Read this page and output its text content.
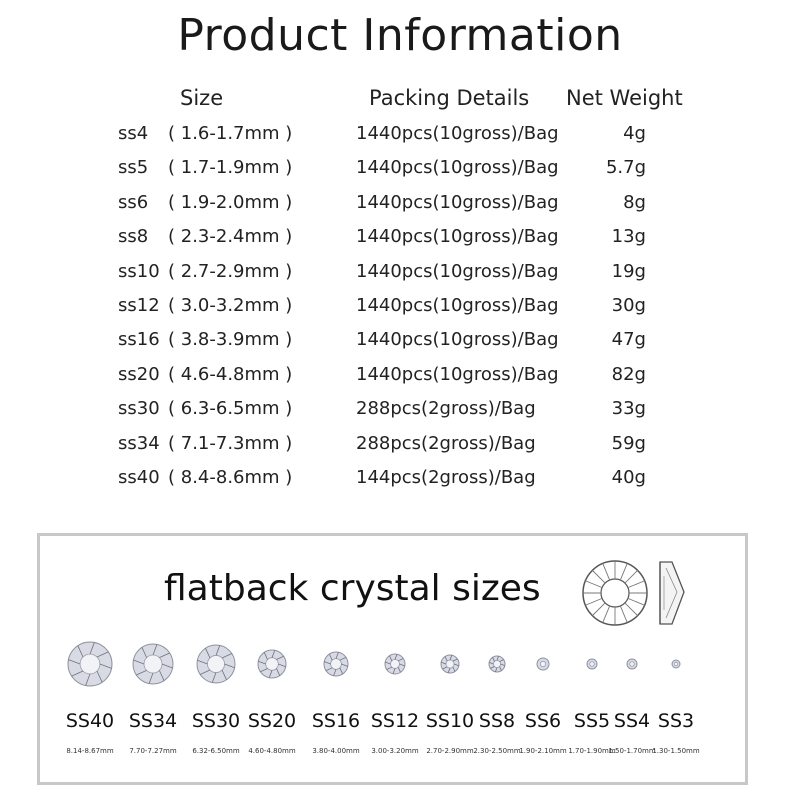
Product Information
Size	Packing Details Net Weight
ss4 ( 1.6-1.7mm )	1440pcs(10gross)/Bag	4g
ss5 ( 1.7-1.9mm )	1440pcs(10gross)/Bag	5.7g
ss6 ( 1.9-2.0mm )	1440pcs(10gross)/Bag	8g
ss8 ( 2.3-2.4mm )	1440pcs(10gross)/Bag	13g
ss10 ( 2.7-2.9mm )	1440pcs(10gross)/Bag	19g
ss12 ( 3.0-3.2mm )	1440pcs(10gross)/Bag	30g
ss16 ( 3.8-3.9mm )	1440pcs(10gross)/Bag	47g
ss20 ( 4.6-4.8mm )	1440pcs(10gross)/Bag	82g
ss30 ( 6.3-6.5mm )	288pcs(2gross)/Bag	33g
ss34 ( 7.1-7.3mm )	288pcs(2gross)/Bag	59g
ss40 ( 8.4-8.6mm )	144pcs(2gross)/Bag	40g
flatback crystal sizes
SS40
8.14-8.67mm
SS34
7.70-7.27mm
SS30
6.32-6.50mm
SS20
4.60-4.80mm
SS16
3.80-4.00mm
SS12
3.00-3.20mm
SS10
2.70-2.90mm
SS8
2.30-2.50mm
SS6
1.90-2.10mm
SS5
1.70-1.90mm
SS4
1.50-1.70mm
SS3
1.30-1.50mm
